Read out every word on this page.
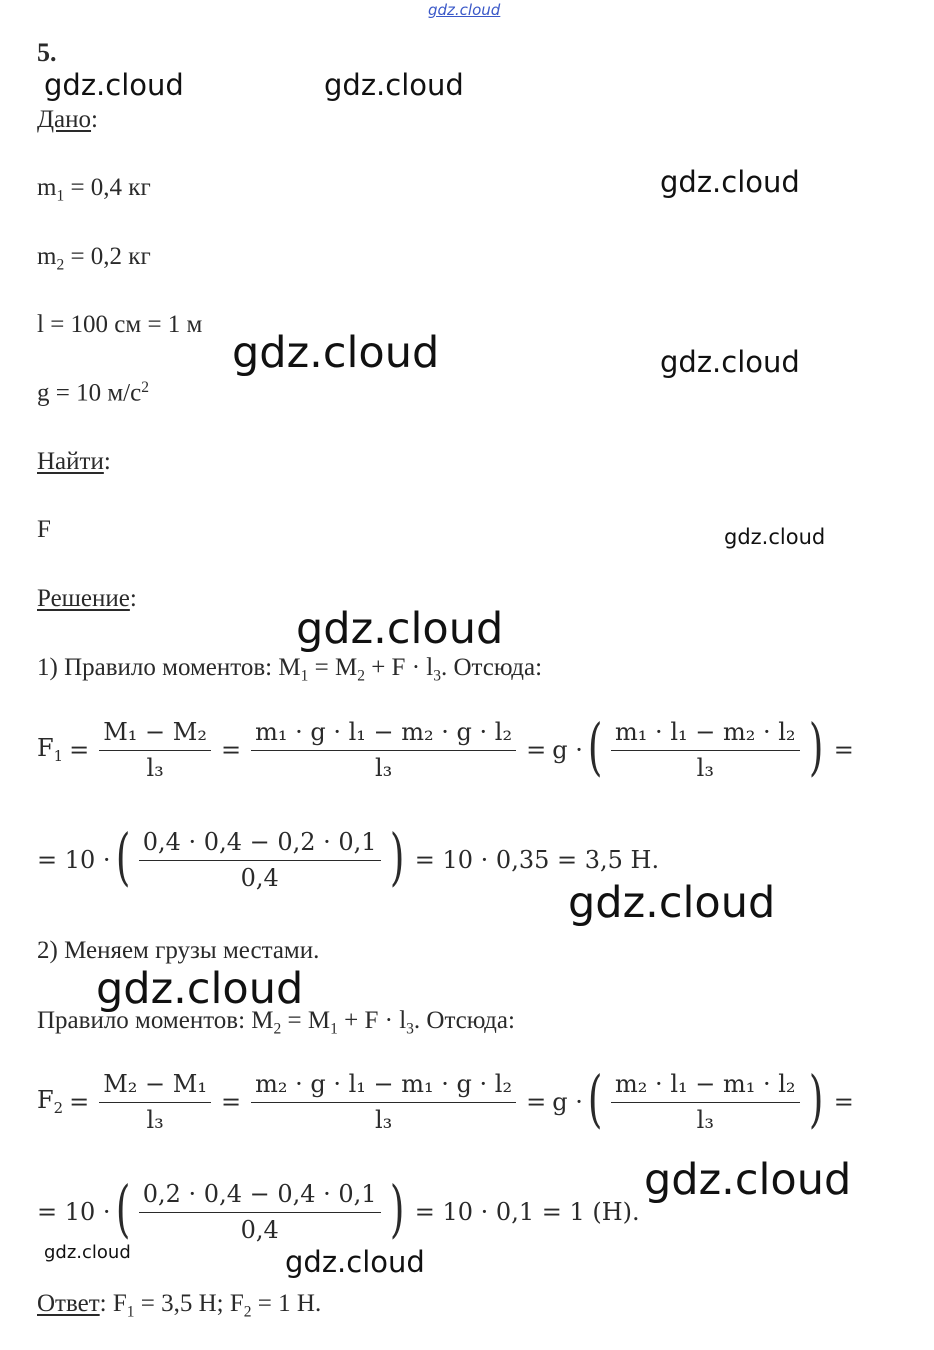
gdz.cloud
5.
Дано:
$m_1 = 0,4$ кг
$m_2 = 0,2$ кг
l = 100 см = 1 м
g = 10 $м/с^2$
Найти:
F
Решение:
1) Правило моментов: $M_1 = M_2 + F \cdot l_3$. Отсюда:
$F_1 = \frac{\text{M₁ − M₂}}{\text{l₃}} = \frac{\text{m₁ · g · l₁ − m₂ · g · l₂}}{\text{l₃}} = g$ · ( $\frac{\text{m₁ · l₁ − m₂ · l₂}}{\text{l₃}}$ ) =
= 10 · ( $\frac{0,4 \cdot 0,4 - 0,2 \cdot 0,1}{0,4}$ ) = 10 · 0,35 = 3,5 Н.
2) Меняем грузы местами.
Правило моментов: $M_2 = M_1 + F \cdot l_3$. Отсюда:
$F_2 = \frac{\text{M₂ − M₁}}{\text{l₃}} = \frac{\text{m₂ · g · l₁ − m₁ · g · l₂}}{\text{l₃}} = g$ · ( $\frac{\text{m₂ · l₁ − m₁ · l₂}}{\text{l₃}}$ ) =
= 10 · ( $\frac{0,2 \cdot 0,4 - 0,4 \cdot 0,1}{0,4}$ ) = 10 · 0,1 = 1 (Н).
Ответ: $F_1 = 3,5$ Н; $F_2 = 1$ Н.
gdz.cloud	gdz.cloud
gdz.cloud
gdz.cloud	gdz.cloud
gdz.cloud
gdz.cloud
gdz.cloud
gdz.cloud
gdz.cloud
gdz.cloud	gdz.cloud
